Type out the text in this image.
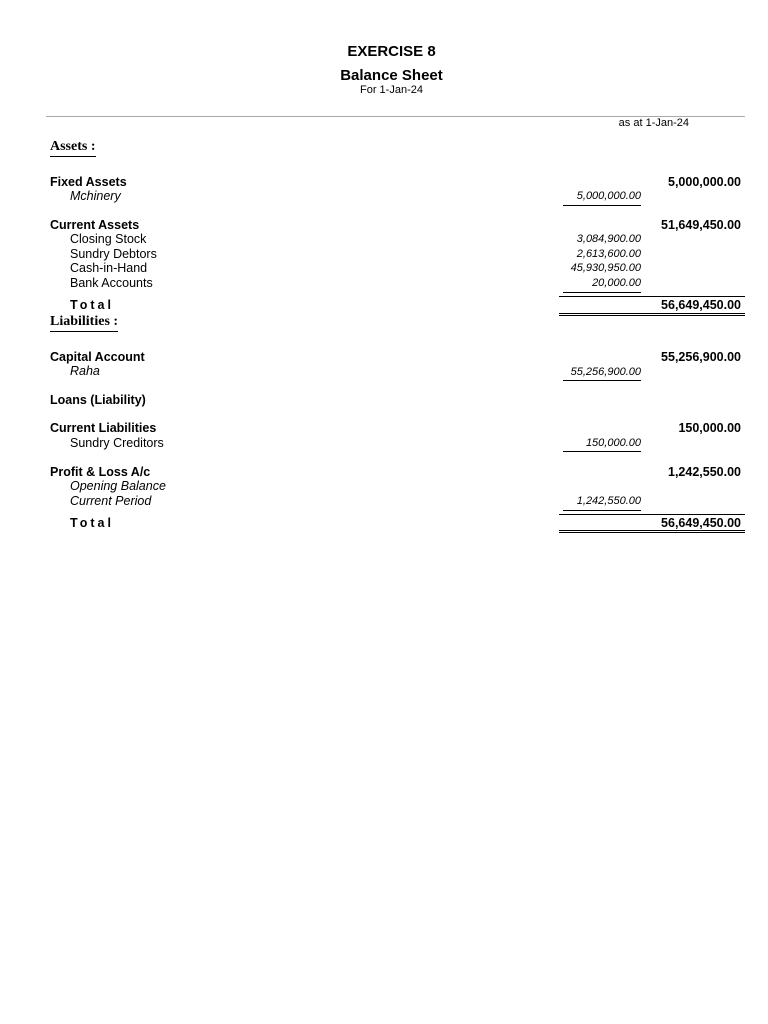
EXERCISE 8
Balance Sheet
For 1-Jan-24
as at 1-Jan-24
Assets :
Fixed Assets	5,000,000.00
Mchinery	5,000,000.00
Current Assets	51,649,450.00
Closing Stock	3,084,900.00
Sundry Debtors	2,613,600.00
Cash-in-Hand	45,930,950.00
Bank Accounts	20,000.00
Total	56,649,450.00
Liabilities :
Capital Account	55,256,900.00
Raha	55,256,900.00
Loans (Liability)
Current Liabilities	150,000.00
Sundry Creditors	150,000.00
Profit & Loss A/c	1,242,550.00
Opening Balance
Current Period	1,242,550.00
Total	56,649,450.00
